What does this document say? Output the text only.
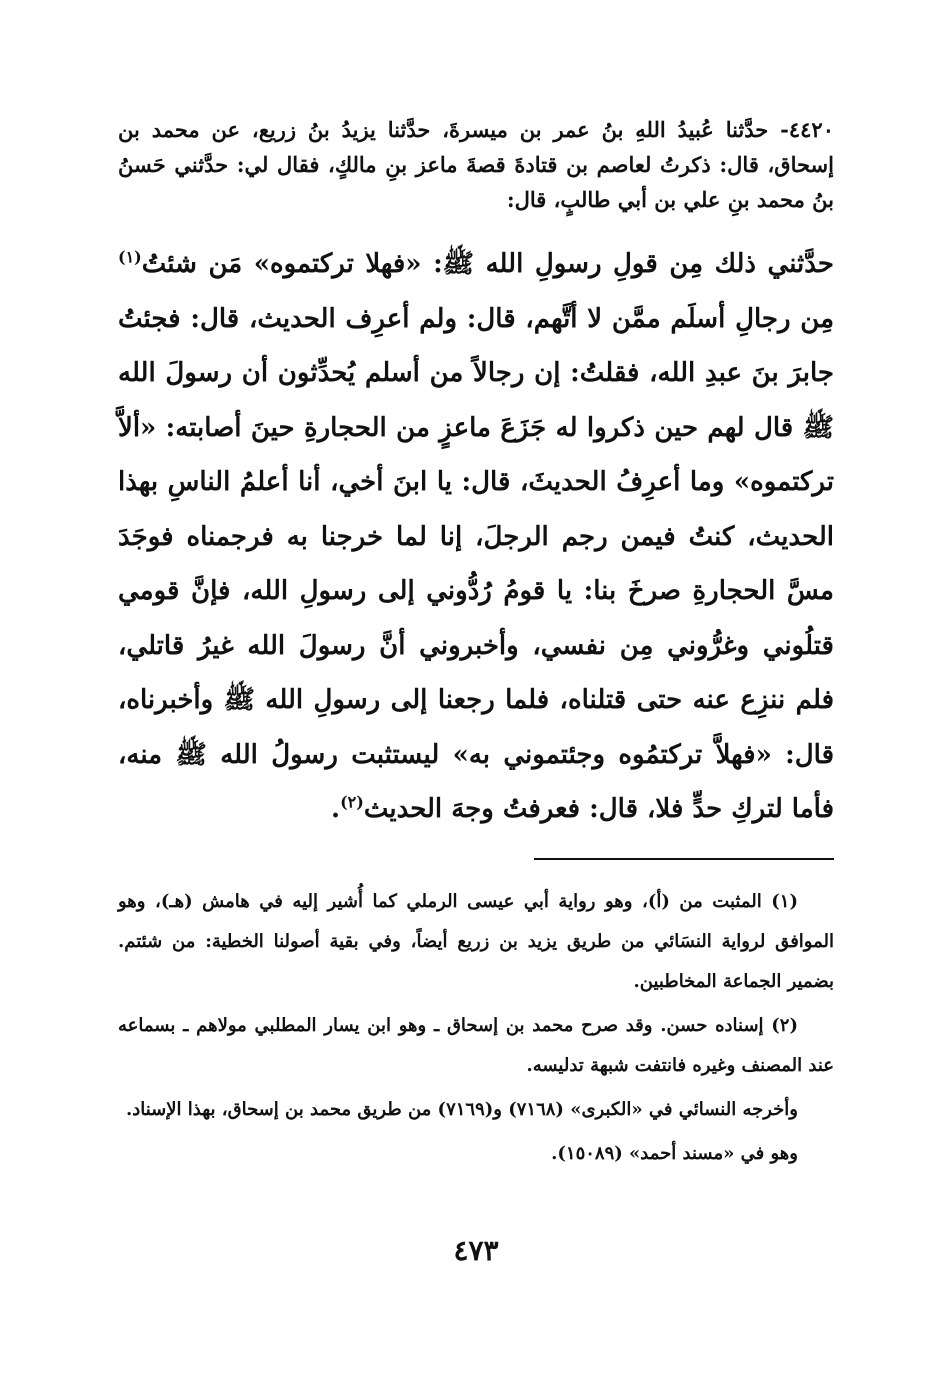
٤٤٢٠- حدَّثنا عُبيدُ اللهِ بنُ عمر بن ميسرةَ، حدَّثنا يزيدُ بنُ زريع، عن محمد بن إسحاق، قال: ذكرتُ لعاصم بن قتادةَ قصةَ ماعز بنِ مالكٍ، فقال لي: حدَّثني حَسنُ بنُ محمد بنِ علي بن أبي طالبٍ، قال:

حدَّثني ذلك مِن قولِ رسولِ الله ﷺ: «فهلا تركتموه» مَن شئتُ$^{(١)}$ مِن رجالِ أسلَم ممَّن لا أتَّهم، قال: ولم أعرِف الحديث، قال: فجئتُ جابرَ بنَ عبدِ الله، فقلتُ: إن رجالاً من أسلم يُحدِّثون أن رسولَ الله ﷺ قال لهم حين ذكروا له جَزَعَ ماعزٍ من الحجارةِ حينَ أصابته: «ألاَّ تركتموه» وما أعرِفُ الحديثَ، قال: يا ابنَ أخي، أنا أعلمُ الناسِ بهذا الحديث، كنتُ فيمن رجم الرجلَ، إنا لما خرجنا به فرجمناه فوجَدَ مسَّ الحجارةِ صرخَ بنا: يا قومُ رُدُّوني إلى رسولِ الله، فإنَّ قومي قتلُوني وغرُّوني مِن نفسي، وأخبروني أنَّ رسولَ الله غيرُ قاتلي، فلم ننزِع عنه حتى قتلناه، فلما رجعنا إلى رسولِ الله ﷺ وأخبرناه، قال: «فهلاَّ تركتمُوه وجئتموني به» ليستثبت رسولُ الله ﷺ منه، فأما لتركِ حدٍّ فلا، قال: فعرفتُ وجهَ الحديث$^{(٢)}$.

(١) المثبت من (أ)، وهو رواية أبي عيسى الرملي كما أُشير إليه في هامش (هـ)، وهو الموافق لرواية النسَائي من طريق يزيد بن زريع أيضاً، وفي بقية أصولنا الخطية: من شئتم. بضمير الجماعة المخاطبين.

(٢) إسناده حسن. وقد صرح محمد بن إسحاق ـ وهو ابن يسار المطلبي مولاهم ـ بسماعه عند المصنف وغيره فانتفت شبهة تدليسه.

وأخرجه النسائي في «الكبرى» (٧١٦٨) و(٧١٦٩) من طريق محمد بن إسحاق، بهذا الإسناد.

وهو في «مسند أحمد» (١٥٠٨٩).

٤٧٣
